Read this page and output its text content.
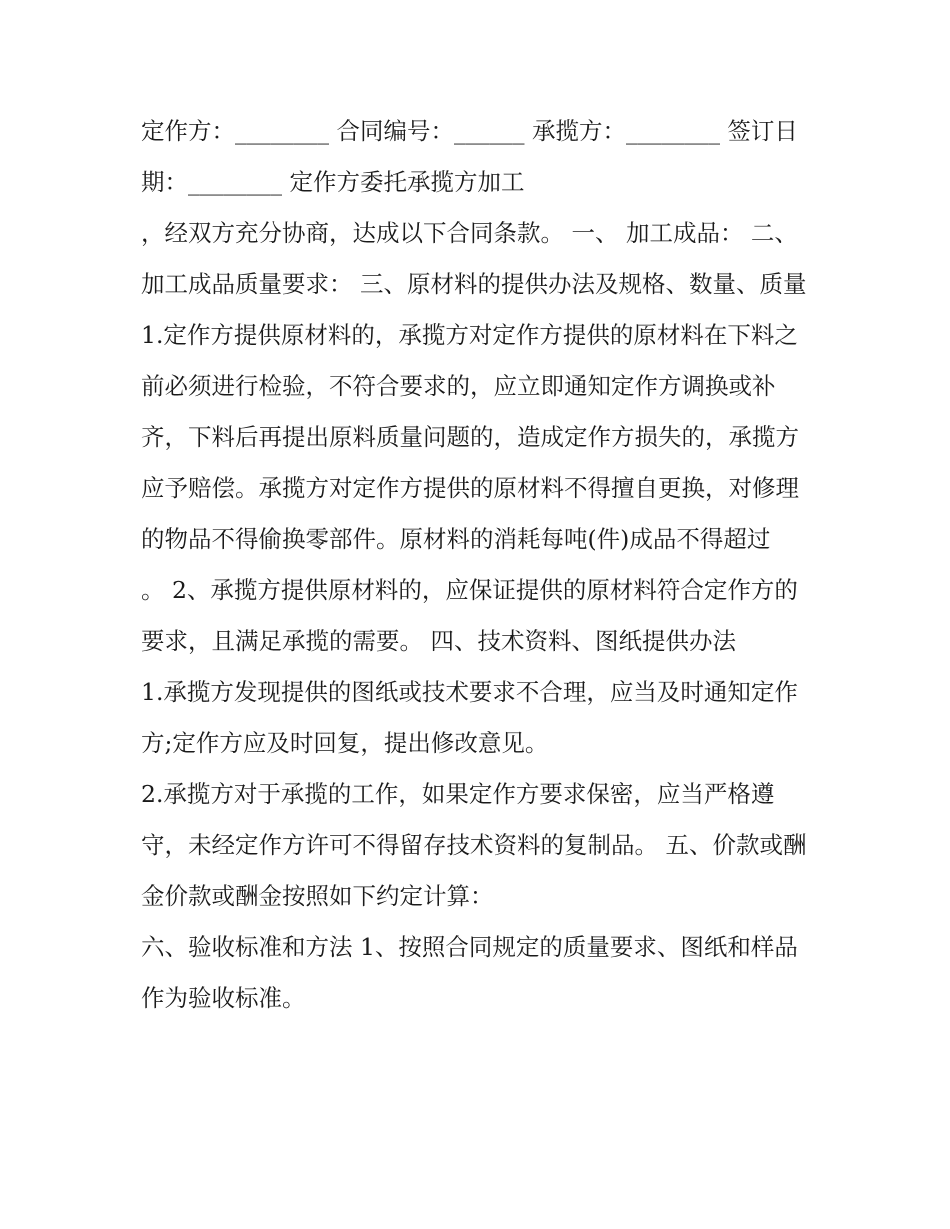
定作方：________ 合同编号：______ 承揽方：________ 签订日期：________ 定作方委托承揽方加工

，经双方充分协商，达成以下合同条款。 一、 加工成品： 二、加工成品质量要求： 三、原材料的提供办法及规格、数量、质量

1.定作方提供原材料的，承揽方对定作方提供的原材料在下料之前必须进行检验，不符合要求的，应立即通知定作方调换或补齐，下料后再提出原料质量问题的，造成定作方损失的，承揽方应予赔偿。承揽方对定作方提供的原材料不得擅自更换，对修理的物品不得偷换零部件。原材料的消耗每吨(件)成品不得超过

。 2、承揽方提供原材料的，应保证提供的原材料符合定作方的要求，且满足承揽的需要。 四、技术资料、图纸提供办法

1.承揽方发现提供的图纸或技术要求不合理，应当及时通知定作方;定作方应及时回复，提出修改意见。

2.承揽方对于承揽的工作，如果定作方要求保密，应当严格遵守，未经定作方许可不得留存技术资料的复制品。 五、价款或酬金价款或酬金按照如下约定计算：

六、验收标准和方法 1、按照合同规定的质量要求、图纸和样品作为验收标准。
